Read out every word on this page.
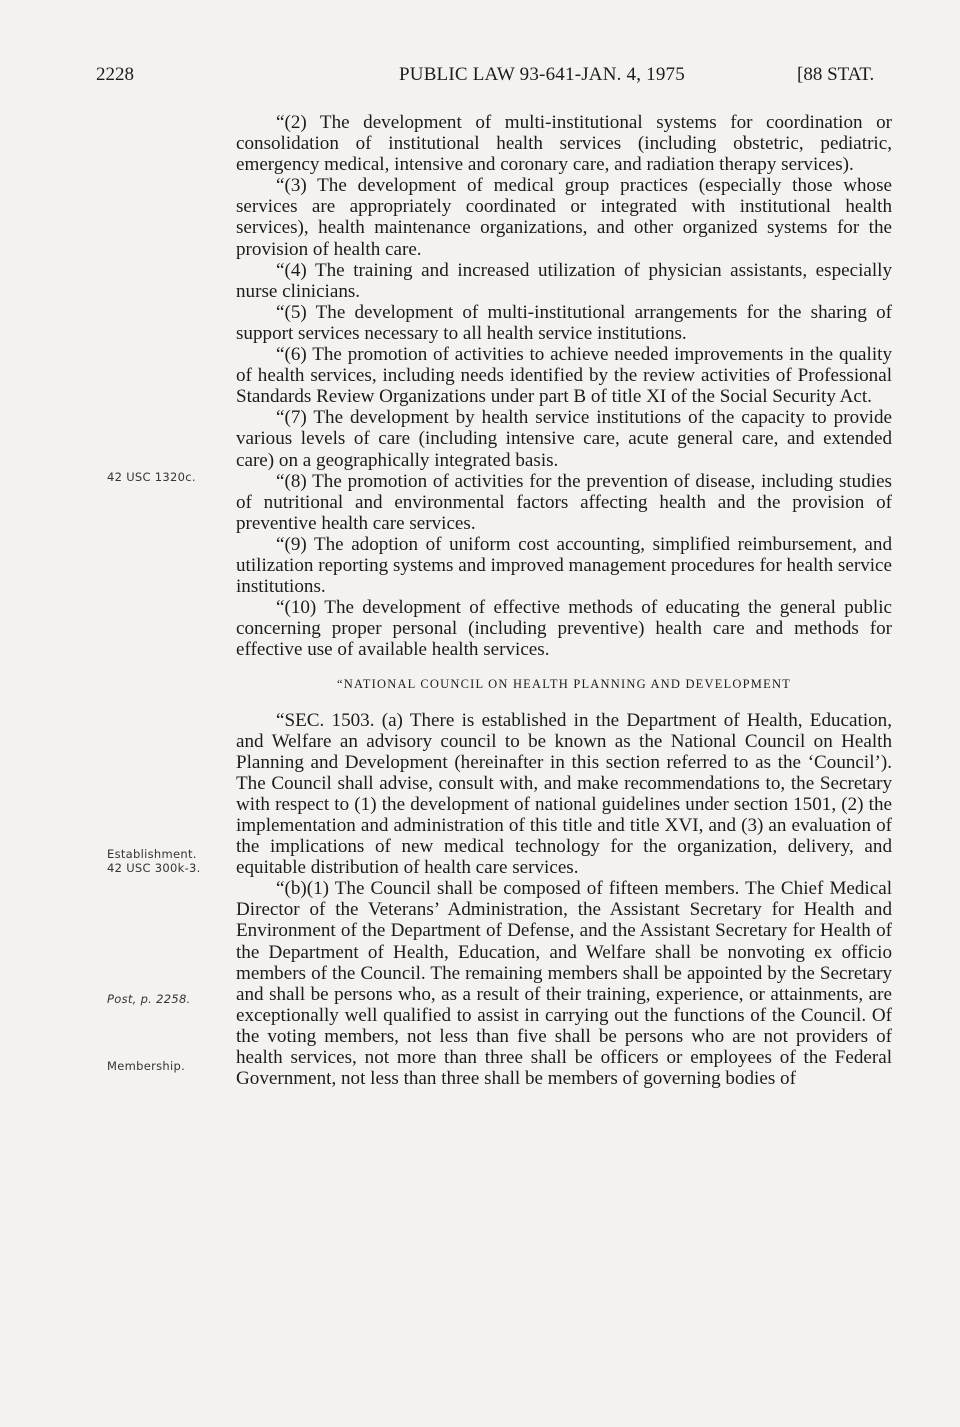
2228	PUBLIC LAW 93-641-JAN. 4, 1975	[88 STAT.

“(2) The development of multi-institutional systems for coordination or consolidation of institutional health services (including obstetric, pediatric, emergency medical, intensive and coronary care, and radiation therapy services).

“(3) The development of medical group practices (especially those whose services are appropriately coordinated or integrated with institutional health services), health maintenance organizations, and other organized systems for the provision of health care.

“(4) The training and increased utilization of physician assistants, especially nurse clinicians.

“(5) The development of multi-institutional arrangements for the sharing of support services necessary to all health service institutions.

“(6) The promotion of activities to achieve needed improvements in the quality of health services, including needs identified by the review activities of Professional Standards Review Organizations under part B of title XI of the Social Security Act.

“(7) The development by health service institutions of the capacity to provide various levels of care (including intensive care, acute general care, and extended care) on a geographically integrated basis.

“(8) The promotion of activities for the prevention of disease, including studies of nutritional and environmental factors affecting health and the provision of preventive health care services.

“(9) The adoption of uniform cost accounting, simplified reimbursement, and utilization reporting systems and improved management procedures for health service institutions.

“(10) The development of effective methods of educating the general public concerning proper personal (including preventive) health care and methods for effective use of available health services.

“NATIONAL COUNCIL ON HEALTH PLANNING AND DEVELOPMENT

“SEC. 1503. (a) There is established in the Department of Health, Education, and Welfare an advisory council to be known as the National Council on Health Planning and Development (hereinafter in this section referred to as the ‘Council’). The Council shall advise, consult with, and make recommendations to, the Secretary with respect to (1) the development of national guidelines under section 1501, (2) the implementation and administration of this title and title XVI, and (3) an evaluation of the implications of new medical technology for the organization, delivery, and equitable distribution of health care services.

“(b)(1) The Council shall be composed of fifteen members. The Chief Medical Director of the Veterans’ Administration, the Assistant Secretary for Health and Environment of the Department of Defense, and the Assistant Secretary for Health of the Department of Health, Education, and Welfare shall be nonvoting ex officio members of the Council. The remaining members shall be appointed by the Secretary and shall be persons who, as a result of their training, experience, or attainments, are exceptionally well qualified to assist in carrying out the functions of the Council. Of the voting members, not less than five shall be persons who are not providers of health services, not more than three shall be officers or employees of the Federal Government, not less than three shall be members of governing bodies of

42 USC 1320c.
Establishment.
42 USC 300k-3.
Post, p. 2258.
Membership.
